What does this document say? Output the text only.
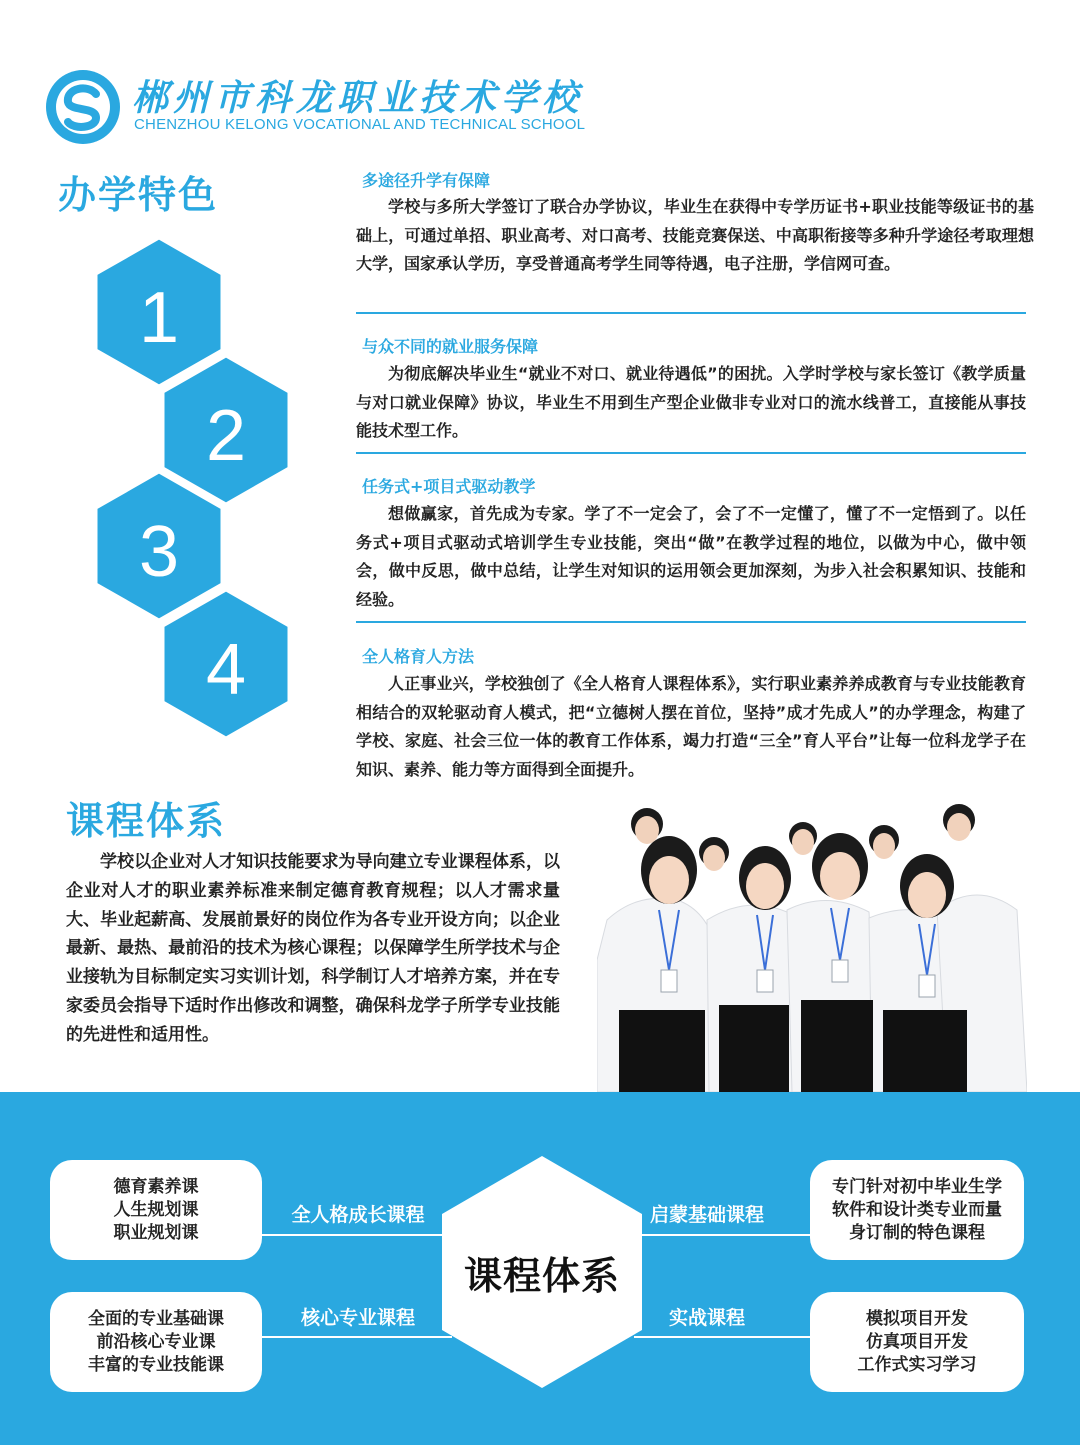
郴州市科龙职业技术学校
CHENZHOU KELONG VOCATIONAL AND TECHNICAL SCHOOL
办学特色
1
2
3
4
多途径升学有保障
学校与多所大学签订了联合办学协议，毕业生在获得中专学历证书+职业技能等级证书的基础上，可通过单招、职业高考、对口高考、技能竞赛保送、中高职衔接等多种升学途径考取理想大学，国家承认学历，享受普通高考学生同等待遇，电子注册，学信网可查。
与众不同的就业服务保障
为彻底解决毕业生“就业不对口、就业待遇低”的困扰。入学时学校与家长签订《教学质量与对口就业保障》协议，毕业生不用到生产型企业做非专业对口的流水线普工，直接能从事技能技术型工作。
任务式+项目式驱动教学
想做赢家，首先成为专家。学了不一定会了，会了不一定懂了，懂了不一定悟到了。以任务式+项目式驱动式培训学生专业技能，突出“做”在教学过程的地位，以做为中心，做中领会，做中反思，做中总结，让学生对知识的运用领会更加深刻，为步入社会积累知识、技能和经验。
全人格育人方法
人正事业兴，学校独创了《全人格育人课程体系》，实行职业素养养成教育与专业技能教育相结合的双轮驱动育人模式，把“立德树人摆在首位，坚持”成才先成人”的办学理念，构建了学校、家庭、社会三位一体的教育工作体系，竭力打造“三全”育人平台”让每一位科龙学子在知识、素养、能力等方面得到全面提升。
课程体系
学校以企业对人才知识技能要求为导向建立专业课程体系，以企业对人才的职业素养标准来制定德育教育规程；以人才需求量大、毕业起薪高、发展前景好的岗位作为各专业开设方向；以企业最新、最热、最前沿的技术为核心课程；以保障学生所学技术与企业接轨为目标制定实习实训计划，科学制订人才培养方案，并在专家委员会指导下适时作出修改和调整，确保科龙学子所学专业技能的先进性和适用性。
全人格成长课程	启蒙基础课程
核心专业课程	实战课程
德育素养课
人生规划课
职业规划课
专门针对初中毕业生学
软件和设计类专业而量
身订制的特色课程
全面的专业基础课
前沿核心专业课
丰富的专业技能课
模拟项目开发
仿真项目开发
工作式实习学习
课程体系
